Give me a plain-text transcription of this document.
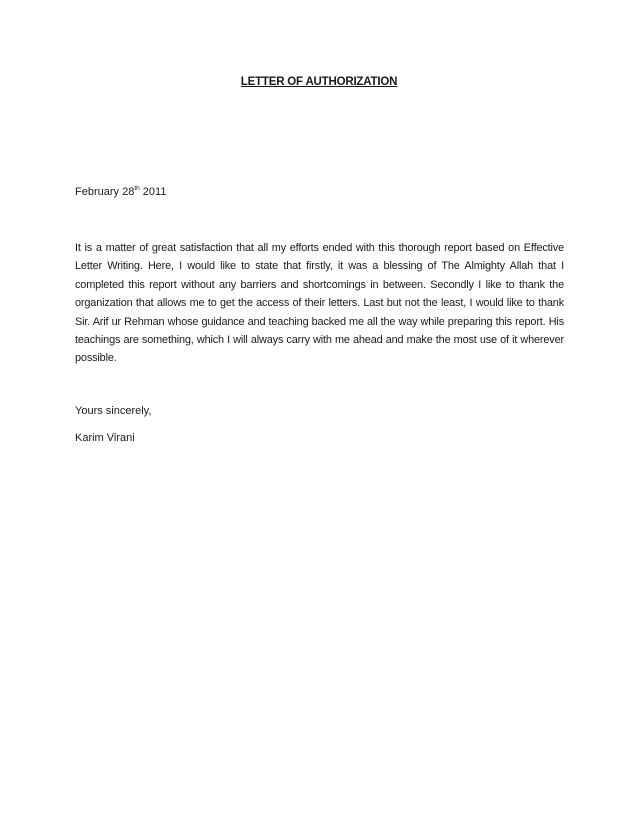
LETTER OF AUTHORIZATION
February 28th 2011
It is a matter of great satisfaction that all my efforts ended with this thorough report based on Effective Letter Writing. Here, I would like to state that firstly, it was a blessing of The Almighty Allah that I completed this report without any barriers and shortcomings in between. Secondly I like to thank the organization that allows me to get the access of their letters. Last but not the least, I would like to thank Sir. Arif ur Rehman whose guidance and teaching backed me all the way while preparing this report. His teachings are something, which I will always carry with me ahead and make the most use of it wherever possible.
Yours sincerely,
Karim Virani
